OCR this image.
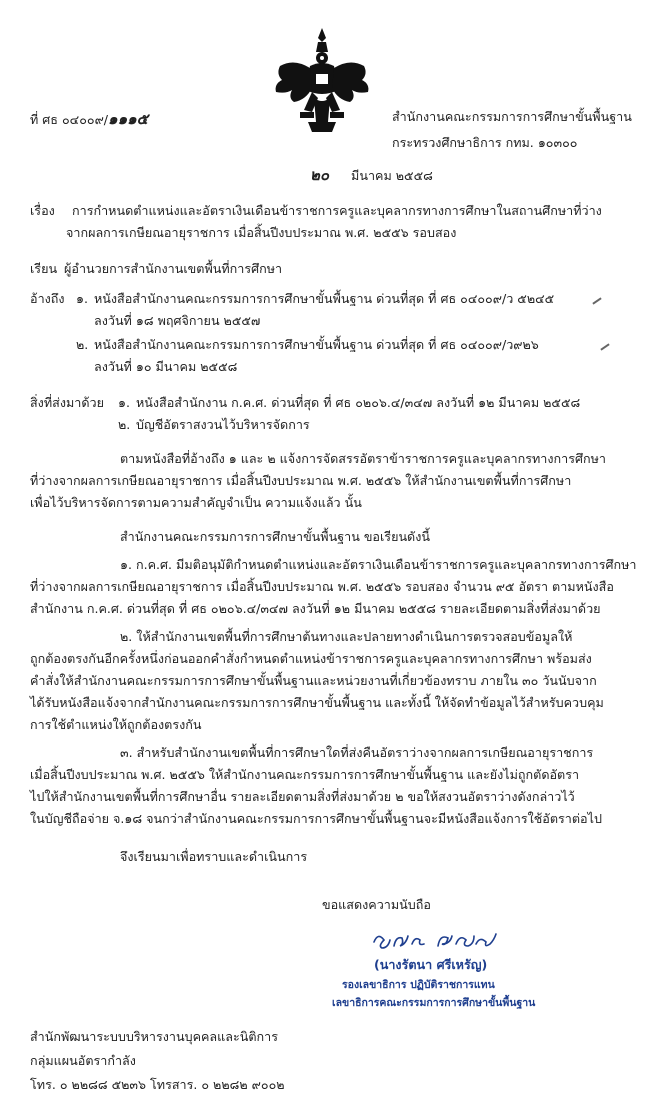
ที่ ศธ ๐๔๐๐๙/๑๑๑๕	สำนักงานคณะกรรมการการศึกษาขั้นพื้นฐาน
กระทรวงศึกษาธิการ กทม. ๑๐๓๐๐
๒๐ มีนาคม ๒๕๕๘
เรื่อง การกำหนดตำแหน่งและอัตราเงินเดือนข้าราชการครูและบุคลากรทางการศึกษาในสถานศึกษาที่ว่าง
จากผลการเกษียณอายุราชการ เมื่อสิ้นปีงบประมาณ พ.ศ. ๒๕๕๖ รอบสอง
เรียน ผู้อำนวยการสำนักงานเขตพื้นที่การศึกษา
อ้างถึง ๑. หนังสือสำนักงานคณะกรรมการการศึกษาขั้นพื้นฐาน ด่วนที่สุด ที่ ศธ ๐๔๐๐๙/ว ๕๒๔๕
ลงวันที่ ๑๘ พฤศจิกายน ๒๕๕๗
๒. หนังสือสำนักงานคณะกรรมการการศึกษาขั้นพื้นฐาน ด่วนที่สุด ที่ ศธ ๐๔๐๐๙/ว๙๒๖
ลงวันที่ ๑๐ มีนาคม ๒๕๕๘
สิ่งที่ส่งมาด้วย ๑. หนังสือสำนักงาน ก.ค.ศ. ด่วนที่สุด ที่ ศธ ๐๒๐๖.๔/๓๔๗ ลงวันที่ ๑๒ มีนาคม ๒๕๕๘
๒. บัญชีอัตราสงวนไว้บริหารจัดการ
ตามหนังสือที่อ้างถึง ๑ และ ๒ แจ้งการจัดสรรอัตราข้าราชการครูและบุคลากรทางการศึกษา
ที่ว่างจากผลการเกษียณอายุราชการ เมื่อสิ้นปีงบประมาณ พ.ศ. ๒๕๕๖ ให้สำนักงานเขตพื้นที่การศึกษา
เพื่อไว้บริหารจัดการตามความสำคัญจำเป็น ความแจ้งแล้ว นั้น
สำนักงานคณะกรรมการการศึกษาขั้นพื้นฐาน ขอเรียนดังนี้
๑. ก.ค.ศ. มีมติอนุมัติกำหนดตำแหน่งและอัตราเงินเดือนข้าราชการครูและบุคลากรทางการศึกษา
ที่ว่างจากผลการเกษียณอายุราชการ เมื่อสิ้นปีงบประมาณ พ.ศ. ๒๕๕๖ รอบสอง จำนวน ๙๕ อัตรา ตามหนังสือ
สำนักงาน ก.ค.ศ. ด่วนที่สุด ที่ ศธ ๐๒๐๖.๔/๓๔๗ ลงวันที่ ๑๒ มีนาคม ๒๕๕๘ รายละเอียดตามสิ่งที่ส่งมาด้วย
๒. ให้สำนักงานเขตพื้นที่การศึกษาต้นทางและปลายทางดำเนินการตรวจสอบข้อมูลให้
ถูกต้องตรงกันอีกครั้งหนึ่งก่อนออกคำสั่งกำหนดตำแหน่งข้าราชการครูและบุคลากรทางการศึกษา พร้อมส่ง
คำสั่งให้สำนักงานคณะกรรมการการศึกษาขั้นพื้นฐานและหน่วยงานที่เกี่ยวข้องทราบ ภายใน ๓๐ วันนับจาก
ได้รับหนังสือแจ้งจากสำนักงานคณะกรรมการการศึกษาขั้นพื้นฐาน และทั้งนี้ ให้จัดทำข้อมูลไว้สำหรับควบคุม
การใช้ตำแหน่งให้ถูกต้องตรงกัน
๓. สำหรับสำนักงานเขตพื้นที่การศึกษาใดที่ส่งคืนอัตราว่างจากผลการเกษียณอายุราชการ
เมื่อสิ้นปีงบประมาณ พ.ศ. ๒๕๕๖ ให้สำนักงานคณะกรรมการการศึกษาขั้นพื้นฐาน และยังไม่ถูกตัดอัตรา
ไปให้สำนักงานเขตพื้นที่การศึกษาอื่น รายละเอียดตามสิ่งที่ส่งมาด้วย ๒ ขอให้สงวนอัตราว่างดังกล่าวไว้
ในบัญชีถือจ่าย จ.๑๘ จนกว่าสำนักงานคณะกรรมการการศึกษาขั้นพื้นฐานจะมีหนังสือแจ้งการใช้อัตราต่อไป
จึงเรียนมาเพื่อทราบและดำเนินการ
ขอแสดงความนับถือ
(นางรัตนา ศรีเหรัญ)
รองเลขาธิการ ปฏิบัติราชการแทน
เลขาธิการคณะกรรมการการศึกษาขั้นพื้นฐาน
สำนักพัฒนาระบบบริหารงานบุคคลและนิติการ
กลุ่มแผนอัตรากำลัง
โทร. ๐ ๒๒๘๘ ๕๒๓๖ โทรสาร. ๐ ๒๒๘๒ ๙๐๐๒
